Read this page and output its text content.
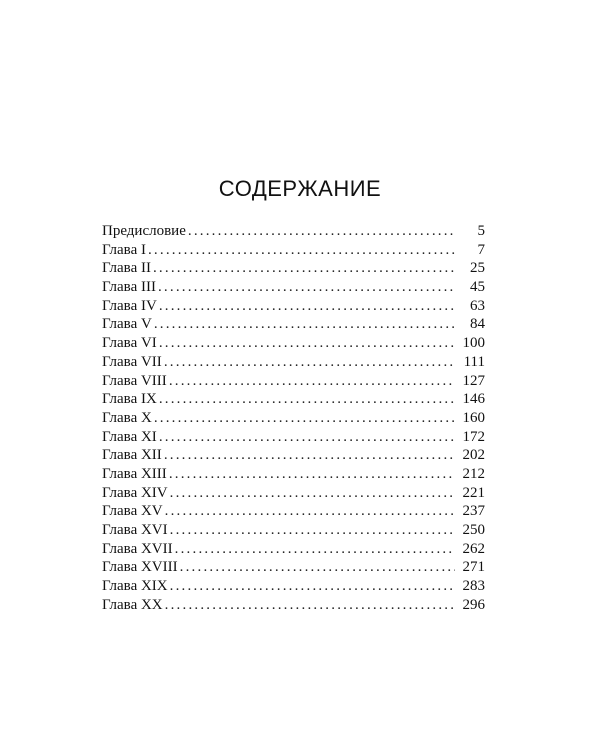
СОДЕРЖАНИЕ
Предисловие .....	5
Глава I .....	7
Глава II .....	25
Глава III .....	45
Глава IV .....	63
Глава V .....	84
Глава VI .....	100
Глава VII .....	111
Глава VIII .....	127
Глава IX .....	146
Глава X .....	160
Глава XI .....	172
Глава XII .....	202
Глава XIII .....	212
Глава XIV .....	221
Глава XV .....	237
Глава XVI .....	250
Глава XVII .....	262
Глава XVIII .....	271
Глава XIX .....	283
Глава XX .....	296
